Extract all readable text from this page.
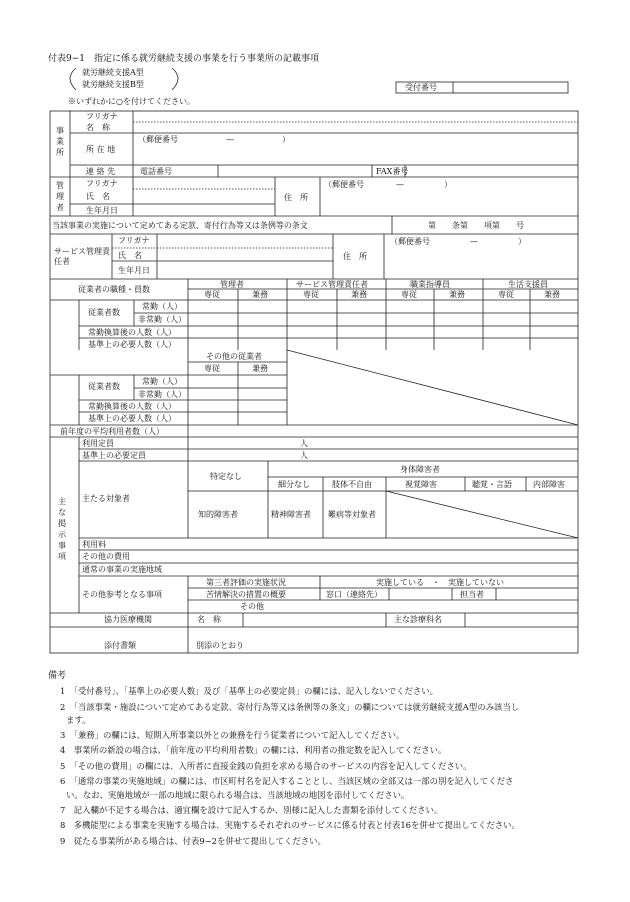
付表9−1　指定に係る就労継続支援の事業を行う事業所の記載事項
就労継続支援A型
就労継続支援B型
※いずれかに○を付けてください。
受付番号
事業所
フリガナ
名　称
所 在 地
（郵便番号　　　　　　—　　　　　　）
連 絡 先	電話番号	FAX番号
管理者
フリガナ
氏　名
生年月日
住　所
（郵便番号　　　　—　　　　　）
当該事業の実施について定めてある定款、寄付行為等又は条例等の条文	第　　条第　　項第　　号
サービス管理責任者
フリガナ
氏　名
生年月日
住　所
（郵便番号　　　　　—　　　　　）
従業者の職種・員数
管理者	サービス管理責任者	職業指導員	生活支援員
専従	兼務	専従	兼務	専従	兼務	専従	兼務
従業者数
常勤（人）
非常勤（人）
常勤換算後の人数（人）
基準上の必要人数（人）
その他の従業者
専従	兼務
従業者数
常勤（人）
非常勤（人）
常勤換算後の人数（人）
基準上の必要人数（人）
前年度の平均利用者数（人）
主な掲示事項
利用定員	人
基準上の必要定員	人
主たる対象者
特定なし
身体障害者
細分なし	肢体不自由	視覚障害	聴覚・言語	内部障害
知的障害者	精神障害者 難病等対象者
利用料
その他の費用
通常の事業の実施地域
その他参考となる事項
第三者評価の実施状況	実施している　・　実施していない
苦情解決の措置の概要	窓口（連絡先）	担当者
その他
協力医療機関	名　称	主な診療科名
添付書類	別添のとおり
備考
1　「受付番号」、「基準上の必要人数」及び「基準上の必要定員」の欄には、記入しないでください。
2　「当該事業・施設について定めてある定款、寄付行為等又は条例等の条文」の欄については就労継続支援A型のみ該当し
ます。
3　「兼務」の欄には、短期入所事業以外との兼務を行う従業者について記入してください。
4　事業所の新設の場合は、「前年度の平均利用者数」の欄には、利用者の推定数を記入してください。
5　「その他の費用」の欄には、入所者に直接金銭の負担を求める場合のサービスの内容を記入してください。
6　「通常の事業の実施地域」の欄には、市区町村名を記入することとし、当該区域の全部又は一部の別を記入してくださ
い。なお、実施地域が一部の地域に限られる場合は、当該地域の地図を添付してください。
7　記入欄が不足する場合は、適宜欄を設けて記入するか、別様に記入した書類を添付してください。
8　多機能型による事業を実施する場合は、実施するそれぞれのサービスに係る付表と付表16を併せて提出してください。
9　従たる事業所がある場合は、付表9−2を併せて提出してください。
